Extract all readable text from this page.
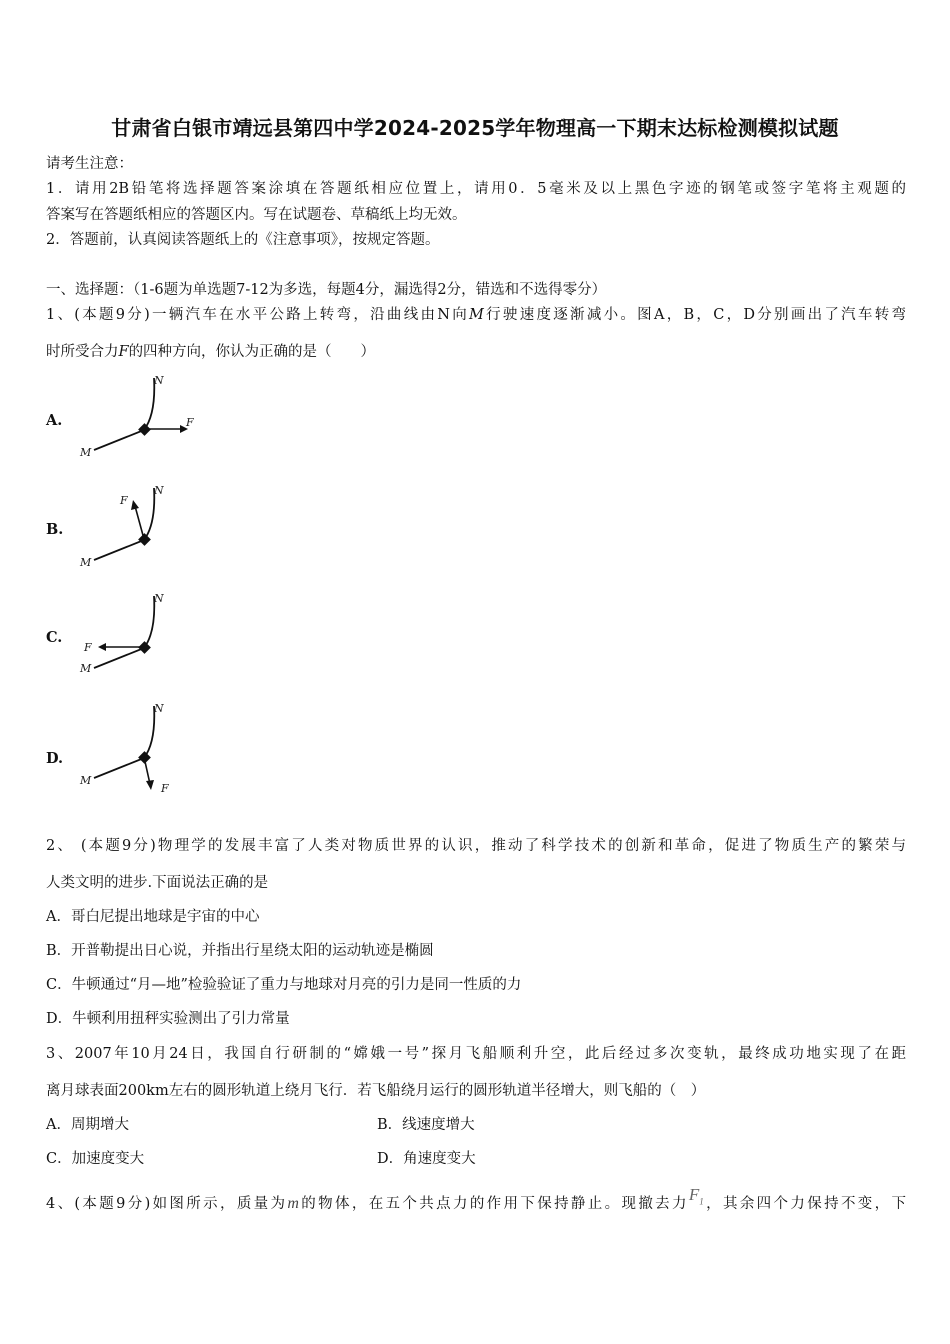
甘肃省白银市靖远县第四中学2024-2025学年物理高一下期末达标检测模拟试题
请考生注意：
1．请用2B铅笔将选择题答案涂填在答题纸相应位置上，请用0．5毫米及以上黑色字迹的钢笔或签字笔将主观题的
答案写在答题纸相应的答题区内。写在试题卷、草稿纸上均无效。
2．答题前，认真阅读答题纸上的《注意事项》，按规定答题。
一、选择题：（1-6题为单选题7-12为多选，每题4分，漏选得2分，错选和不选得零分）
1、(本题9分)一辆汽车在水平公路上转弯，沿曲线由N向M行驶速度逐渐减小。图A，B，C，D分别画出了汽车转弯
时所受合力F的四种方向，你认为正确的是（　　）
A.
N
M
F
B.
N
M
F
C.
N
M
F
D.
N
M
F
2、 (本题9分)物理学的发展丰富了人类对物质世界的认识，推动了科学技术的创新和革命，促进了物质生产的繁荣与
人类文明的进步.下面说法正确的是
A．哥白尼提出地球是宇宙的中心
B．开普勒提出日心说，并指出行星绕太阳的运动轨迹是椭圆
C．牛顿通过“月—地”检验验证了重力与地球对月亮的引力是同一性质的力
D．牛顿利用扭秤实验测出了引力常量
3、2007年10月24日，我国自行研制的“嫦娥一号”探月飞船顺利升空，此后经过多次变轨，最终成功地实现了在距
离月球表面200km左右的圆形轨道上绕月飞行．若飞船绕月运行的圆形轨道半径增大，则飞船的（　）
A．周期增大	B．线速度增大
C．加速度变大	D．角速度变大
4、(本题9分)如图所示，质量为m的物体，在五个共点力的作用下保持静止。现撤去力$F_1$，其余四个力保持不变，下
